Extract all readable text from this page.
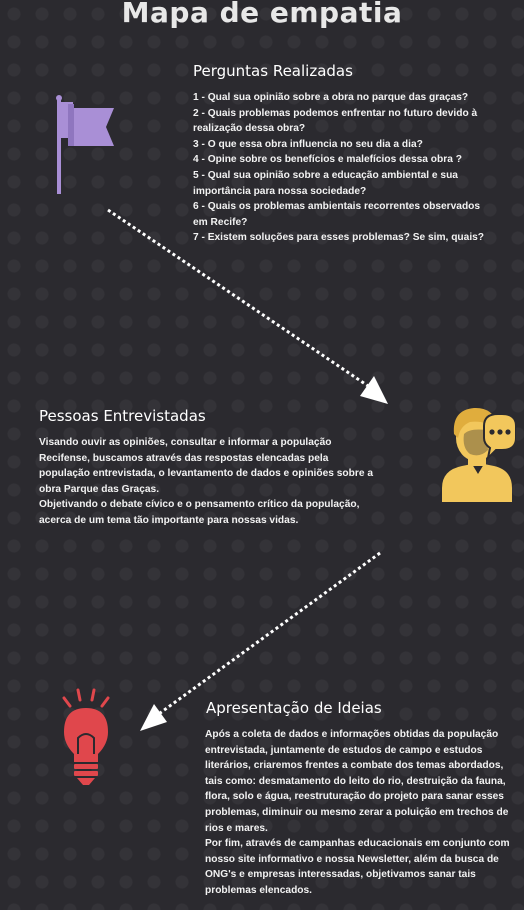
Mapa de empatia
Perguntas Realizadas

1 - Qual sua opinião sobre a obra no parque das graças?

2 - Quais problemas podemos enfrentar no futuro devido à realização dessa obra?

3 - O que essa obra influencia no seu dia a dia?

4 - Opine sobre os benefícios e malefícios dessa obra ?

5 - Qual sua opinião sobre a educação ambiental e sua importância para nossa sociedade?

6 - Quais os problemas ambientais recorrentes observados em Recife?

7 - Existem soluções para esses problemas? Se sim, quais?

Pessoas Entrevistadas

Visando ouvir as opiniões, consultar e informar a população Recifense, buscamos através das respostas elencadas pela população entrevistada, o levantamento de dados e opiniões sobre a obra Parque das Graças.

Objetivando o debate cívico e o pensamento crítico da população, acerca de um tema tão importante para nossas vidas.

Apresentação de Ideias

Após a coleta de dados e informações obtidas da população entrevistada, juntamente de estudos de campo e estudos literários, criaremos frentes a combate dos temas abordados, tais como: desmatamento do leito do rio, destruição da fauna, flora, solo e água, reestruturação do projeto para sanar esses problemas, diminuir ou mesmo zerar a poluição em trechos de rios e mares.

Por fim, através de campanhas educacionais em conjunto com nosso site informativo e nossa Newsletter, além da busca de ONG's e empresas interessadas, objetivamos sanar tais problemas elencados.
